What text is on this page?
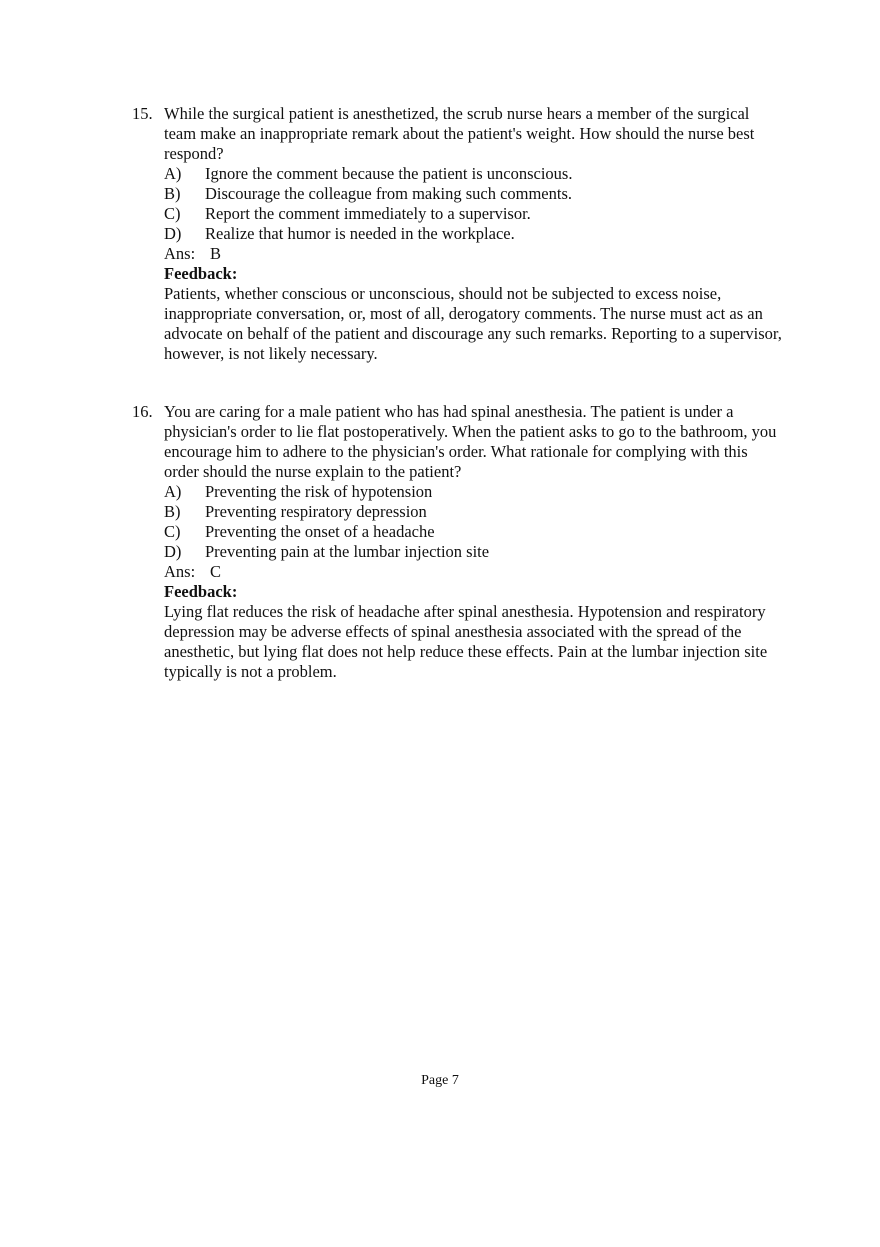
15. While the surgical patient is anesthetized, the scrub nurse hears a member of the surgical team make an inappropriate remark about the patient's weight. How should the nurse best respond?

A)	Ignore the comment because the patient is unconscious.
B)	Discourage the colleague from making such comments.
C)	Report the comment immediately to a supervisor.
D)	Realize that humor is needed in the workplace.
Ans: B

Feedback:

Patients, whether conscious or unconscious, should not be subjected to excess noise, inappropriate conversation, or, most of all, derogatory comments. The nurse must act as an advocate on behalf of the patient and discourage any such remarks. Reporting to a supervisor, however, is not likely necessary.

16. You are caring for a male patient who has had spinal anesthesia. The patient is under a physician's order to lie flat postoperatively. When the patient asks to go to the bathroom, you encourage him to adhere to the physician's order. What rationale for complying with this order should the nurse explain to the patient?

A)	Preventing the risk of hypotension
B)	Preventing respiratory depression
C)	Preventing the onset of a headache
D)	Preventing pain at the lumbar injection site
Ans: C

Feedback:

Lying flat reduces the risk of headache after spinal anesthesia. Hypotension and respiratory depression may be adverse effects of spinal anesthesia associated with the spread of the anesthetic, but lying flat does not help reduce these effects. Pain at the lumbar injection site typically is not a problem.

Page 7
